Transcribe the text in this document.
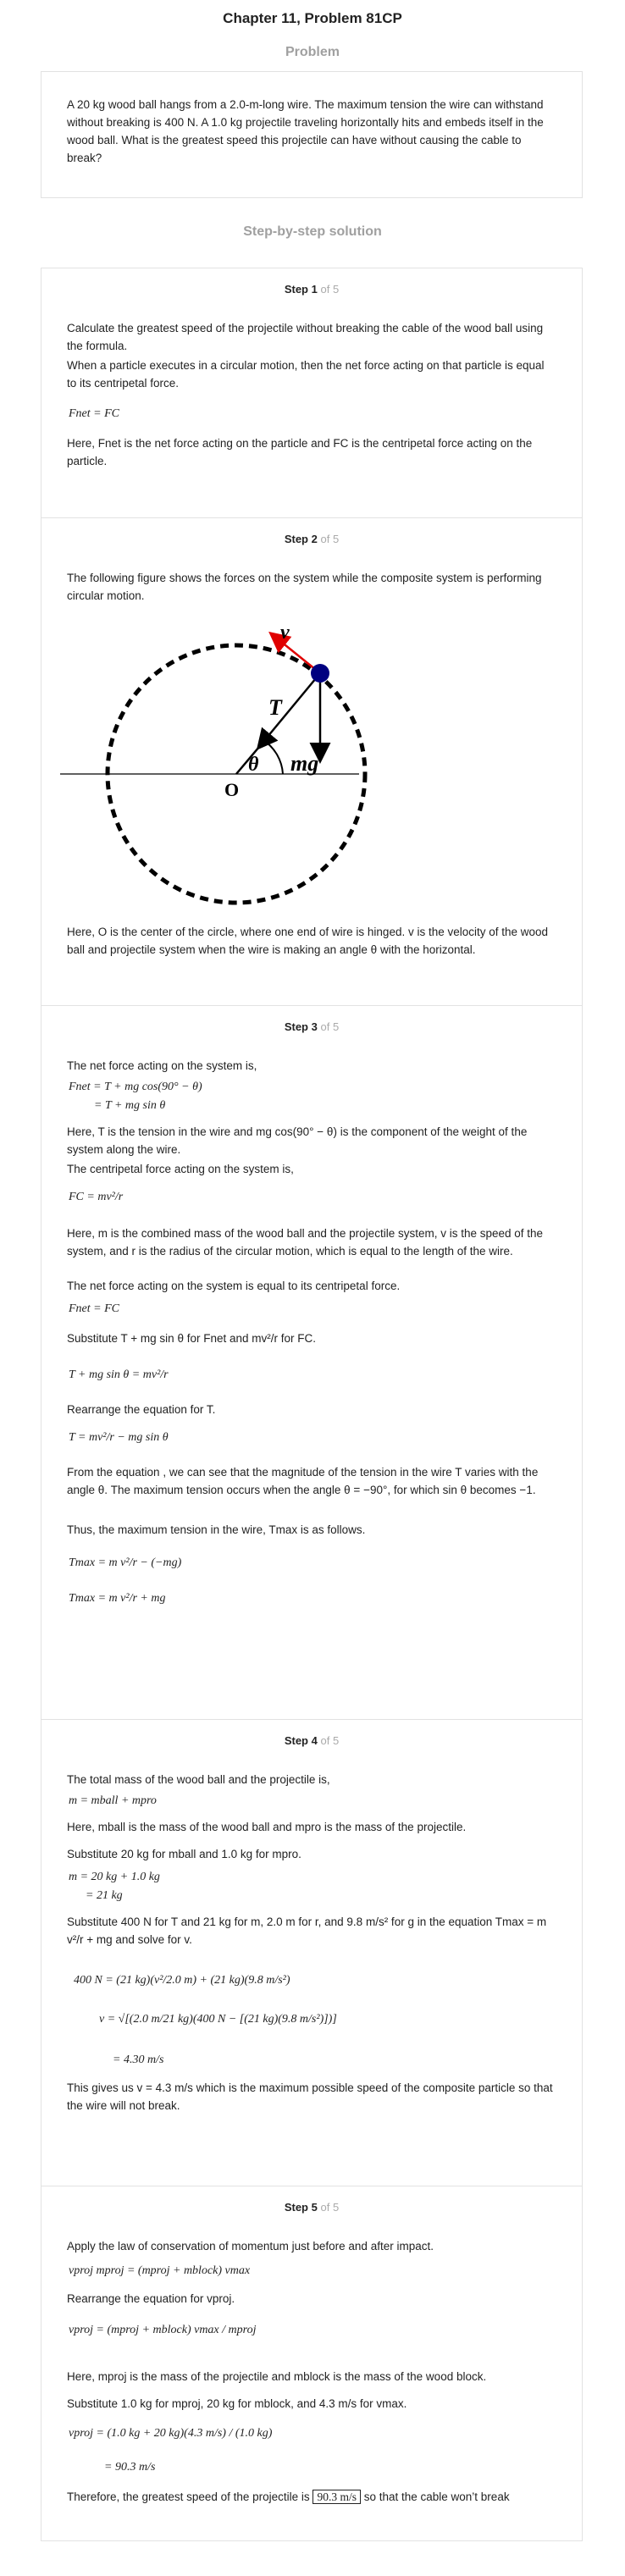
Chapter 11, Problem 81CP
Problem
A 20 kg wood ball hangs from a 2.0-m-long wire. The maximum tension the wire can withstand without breaking is 400 N. A 1.0 kg projectile traveling horizontally hits and embeds itself in the wood ball. What is the greatest speed this projectile can have without causing the cable to break?
Step-by-step solution

Step 1 of 5

Calculate the greatest speed of the projectile without breaking the cable of the wood ball using the formula.
When a particle executes in a circular motion, then the net force acting on that particle is equal to its centripetal force.
Fnet = FC
Here, Fnet is the net force acting on the particle and FC is the centripetal force acting on the particle.

Step 2 of 5

The following figure shows the forces on the system while the composite system is performing circular motion.
v
T
θ mg
O
Here, O is the center of the circle, where one end of wire is hinged. v is the velocity of the wood ball and projectile system when the wire is making an angle θ with the horizontal.

Step 3 of 5

The net force acting on the system is,
Fnet = T + mg cos(90° − θ)
= T + mg sin θ
Here, T is the tension in the wire and mg cos(90° − θ) is the component of the weight of the system along the wire.
The centripetal force acting on the system is,
FC = mv²/r
Here, m is the combined mass of the wood ball and the projectile system, v is the speed of the system, and r is the radius of the circular motion, which is equal to the length of the wire.
The net force acting on the system is equal to its centripetal force.
Fnet = FC
Substitute T + mg sin θ for Fnet and mv²/r for FC.
T + mg sin θ = mv²/r
Rearrange the equation for T.
T = mv²/r − mg sin θ
From the equation , we can see that the magnitude of the tension in the wire T varies with the angle θ. The maximum tension occurs when the angle θ = −90°, for which sin θ becomes −1.
Thus, the maximum tension in the wire, Tmax is as follows.
Tmax = m v²/r − (−mg)
Tmax = m v²/r + mg

Step 4 of 5

The total mass of the wood ball and the projectile is,
m = mball + mpro
Here, mball is the mass of the wood ball and mpro is the mass of the projectile.
Substitute 20 kg for mball and 1.0 kg for mpro.
m = 20 kg + 1.0 kg
= 21 kg
Substitute 400 N for T and 21 kg for m, 2.0 m for r, and 9.8 m/s² for g in the equation Tmax = m v²/r + mg and solve for v.
400 N = (21 kg)(v²/2.0 m) + (21 kg)(9.8 m/s²)
v = √[(2.0 m/21 kg)(400 N − [(21 kg)(9.8 m/s²)])]
= 4.30 m/s
This gives us v = 4.3 m/s which is the maximum possible speed of the composite particle so that the wire will not break.

Step 5 of 5

Apply the law of conservation of momentum just before and after impact.
vproj mproj = (mproj + mblock) vmax
Rearrange the equation for vproj.
vproj = (mproj + mblock) vmax / mproj
Here, mproj is the mass of the projectile and mblock is the mass of the wood block.
Substitute 1.0 kg for mproj, 20 kg for mblock, and 4.3 m/s for vmax.
vproj = (1.0 kg + 20 kg)(4.3 m/s) / (1.0 kg)
= 90.3 m/s
Therefore, the greatest speed of the projectile is 90.3 m/s so that the cable won’t break
